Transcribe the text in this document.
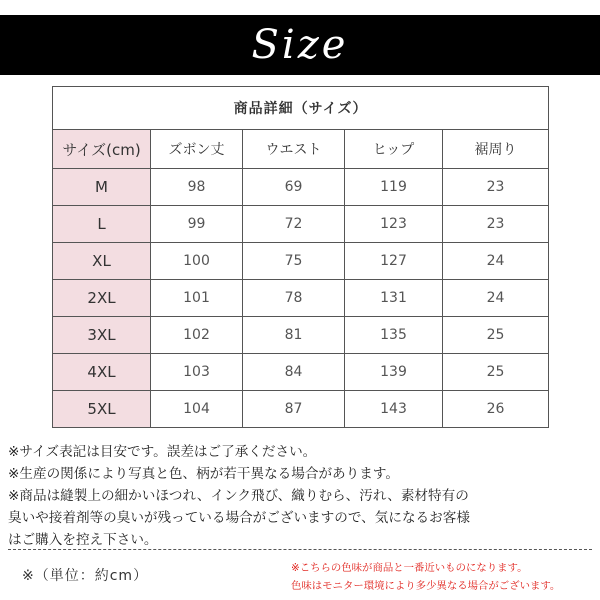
Size
商品詳細（サイズ）				
サイズ(cm)	ズボン丈	ウエスト	ヒップ	裾周り
M	98	69	119	23
L	99	72	123	23
XL	100	75	127	24
2XL	101	78	131	24
3XL	102	81	135	25
4XL	103	84	139	25
5XL	104	87	143	26
※サイズ表記は目安です。誤差はご了承ください。
※生産の関係により写真と色、柄が若干異なる場合があります。
※商品は縫製上の細かいほつれ、インク飛び、織りむら、汚れ、素材特有の
臭いや接着剤等の臭いが残っている場合がございますので、気になるお客様
はご購入を控え下さい。
※（単位：約cm）	※こちらの色味が商品と一番近いものになります。
色味はモニター環境により多少異なる場合がございます。
